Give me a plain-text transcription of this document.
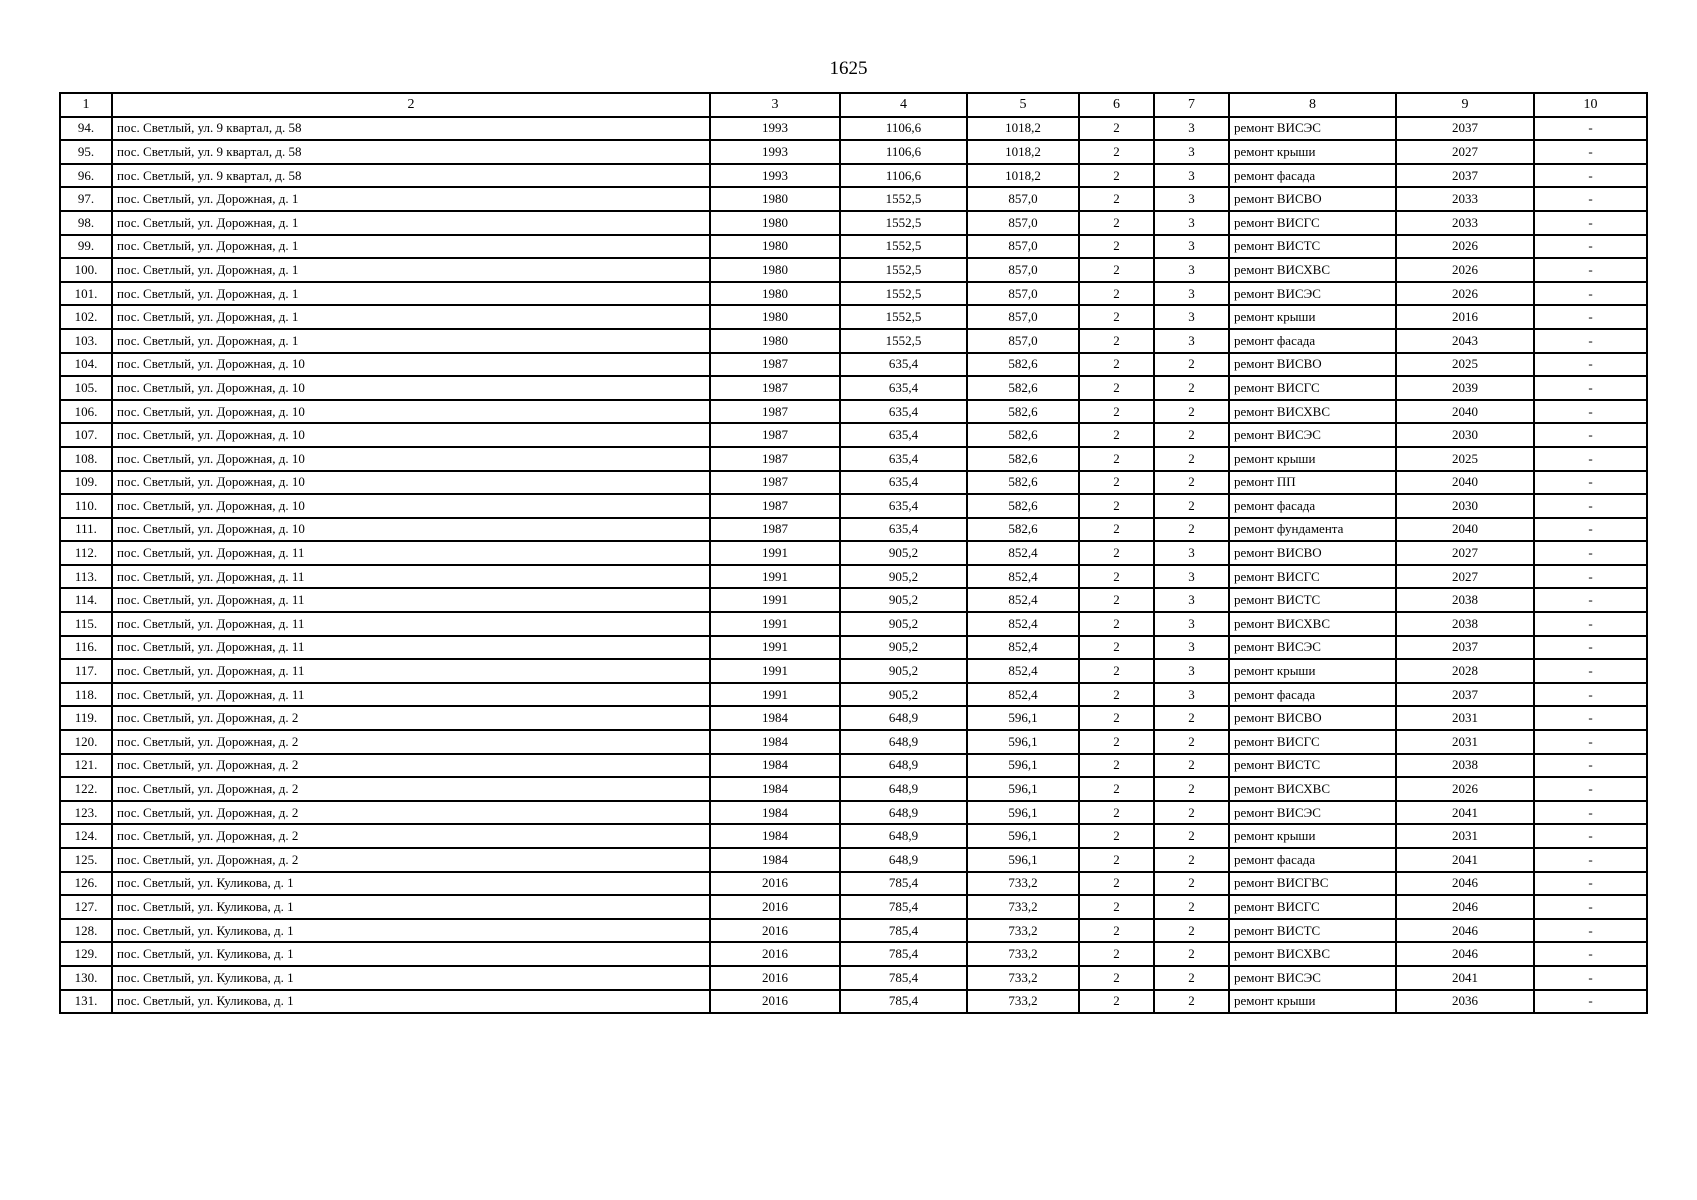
1625
1	2	3	4	5	6	7	8	9	10
94.	пос. Светлый, ул. 9 квартал, д. 58	1993	1106,6	1018,2	2	3	ремонт ВИСЭС	2037	-
95.	пос. Светлый, ул. 9 квартал, д. 58	1993	1106,6	1018,2	2	3	ремонт крыши	2027	-
96.	пос. Светлый, ул. 9 квартал, д. 58	1993	1106,6	1018,2	2	3	ремонт фасада	2037	-
97.	пос. Светлый, ул. Дорожная, д. 1	1980	1552,5	857,0	2	3	ремонт ВИСВО	2033	-
98.	пос. Светлый, ул. Дорожная, д. 1	1980	1552,5	857,0	2	3	ремонт ВИСГС	2033	-
99.	пос. Светлый, ул. Дорожная, д. 1	1980	1552,5	857,0	2	3	ремонт ВИСТС	2026	-
100.	пос. Светлый, ул. Дорожная, д. 1	1980	1552,5	857,0	2	3	ремонт ВИСХВС	2026	-
101.	пос. Светлый, ул. Дорожная, д. 1	1980	1552,5	857,0	2	3	ремонт ВИСЭС	2026	-
102.	пос. Светлый, ул. Дорожная, д. 1	1980	1552,5	857,0	2	3	ремонт крыши	2016	-
103.	пос. Светлый, ул. Дорожная, д. 1	1980	1552,5	857,0	2	3	ремонт фасада	2043	-
104.	пос. Светлый, ул. Дорожная, д. 10	1987	635,4	582,6	2	2	ремонт ВИСВО	2025	-
105.	пос. Светлый, ул. Дорожная, д. 10	1987	635,4	582,6	2	2	ремонт ВИСГС	2039	-
106.	пос. Светлый, ул. Дорожная, д. 10	1987	635,4	582,6	2	2	ремонт ВИСХВС	2040	-
107.	пос. Светлый, ул. Дорожная, д. 10	1987	635,4	582,6	2	2	ремонт ВИСЭС	2030	-
108.	пос. Светлый, ул. Дорожная, д. 10	1987	635,4	582,6	2	2	ремонт крыши	2025	-
109.	пос. Светлый, ул. Дорожная, д. 10	1987	635,4	582,6	2	2	ремонт ПП	2040	-
110.	пос. Светлый, ул. Дорожная, д. 10	1987	635,4	582,6	2	2	ремонт фасада	2030	-
111.	пос. Светлый, ул. Дорожная, д. 10	1987	635,4	582,6	2	2	ремонт фундамента	2040	-
112.	пос. Светлый, ул. Дорожная, д. 11	1991	905,2	852,4	2	3	ремонт ВИСВО	2027	-
113.	пос. Светлый, ул. Дорожная, д. 11	1991	905,2	852,4	2	3	ремонт ВИСГС	2027	-
114.	пос. Светлый, ул. Дорожная, д. 11	1991	905,2	852,4	2	3	ремонт ВИСТС	2038	-
115.	пос. Светлый, ул. Дорожная, д. 11	1991	905,2	852,4	2	3	ремонт ВИСХВС	2038	-
116.	пос. Светлый, ул. Дорожная, д. 11	1991	905,2	852,4	2	3	ремонт ВИСЭС	2037	-
117.	пос. Светлый, ул. Дорожная, д. 11	1991	905,2	852,4	2	3	ремонт крыши	2028	-
118.	пос. Светлый, ул. Дорожная, д. 11	1991	905,2	852,4	2	3	ремонт фасада	2037	-
119.	пос. Светлый, ул. Дорожная, д. 2	1984	648,9	596,1	2	2	ремонт ВИСВО	2031	-
120.	пос. Светлый, ул. Дорожная, д. 2	1984	648,9	596,1	2	2	ремонт ВИСГС	2031	-
121.	пос. Светлый, ул. Дорожная, д. 2	1984	648,9	596,1	2	2	ремонт ВИСТС	2038	-
122.	пос. Светлый, ул. Дорожная, д. 2	1984	648,9	596,1	2	2	ремонт ВИСХВС	2026	-
123.	пос. Светлый, ул. Дорожная, д. 2	1984	648,9	596,1	2	2	ремонт ВИСЭС	2041	-
124.	пос. Светлый, ул. Дорожная, д. 2	1984	648,9	596,1	2	2	ремонт крыши	2031	-
125.	пос. Светлый, ул. Дорожная, д. 2	1984	648,9	596,1	2	2	ремонт фасада	2041	-
126.	пос. Светлый, ул. Куликова, д. 1	2016	785,4	733,2	2	2	ремонт ВИСГВС	2046	-
127.	пос. Светлый, ул. Куликова, д. 1	2016	785,4	733,2	2	2	ремонт ВИСГС	2046	-
128.	пос. Светлый, ул. Куликова, д. 1	2016	785,4	733,2	2	2	ремонт ВИСТС	2046	-
129.	пос. Светлый, ул. Куликова, д. 1	2016	785,4	733,2	2	2	ремонт ВИСХВС	2046	-
130.	пос. Светлый, ул. Куликова, д. 1	2016	785,4	733,2	2	2	ремонт ВИСЭС	2041	-
131.	пос. Светлый, ул. Куликова, д. 1	2016	785,4	733,2	2	2	ремонт крыши	2036	-
